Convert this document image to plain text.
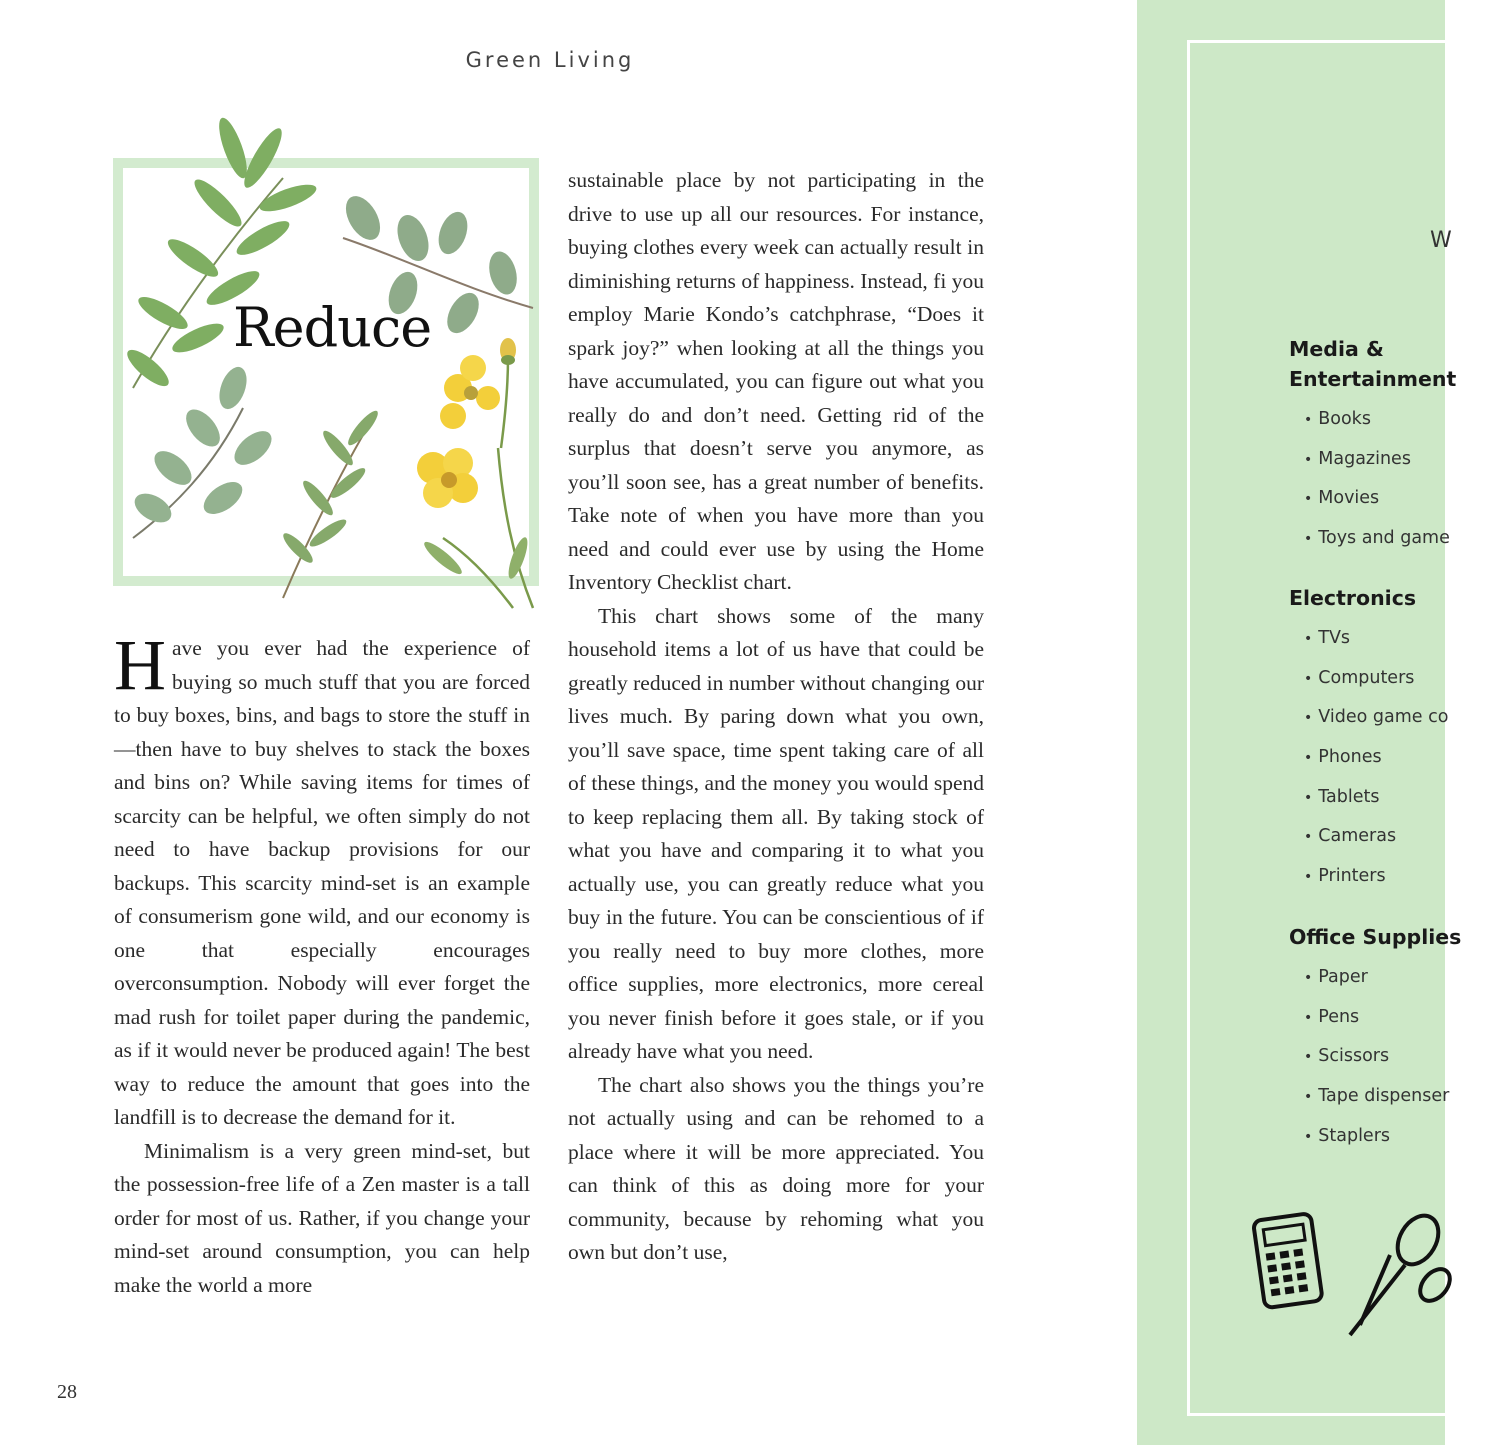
Green Living
Reduce

Have you ever had the experience of buying so much stuff that you are forced to buy boxes, bins, and bags to store the stuff in—then have to buy shelves to stack the boxes and bins on? While saving items for times of scarcity can be helpful, we often simply do not need to have backup provisions for our backups. This scarcity mind-set is an example of consumerism gone wild, and our economy is one that especially encourages overconsumption. Nobody will ever forget the mad rush for toilet paper during the pandemic, as if it would never be produced again! The best way to reduce the amount that goes into the landfill is to decrease the demand for it.

Minimalism is a very green mind-set, but the possession-free life of a Zen master is a tall order for most of us. Rather, if you change your mind-set around consumption, you can help make the world a more

sustainable place by not participating in the drive to use up all our resources. For instance, buying clothes every week can actually result in diminishing returns of happiness. Instead, fi you employ Marie Kondo’s catchphrase, “Does it spark joy?” when looking at all the things you have accumulated, you can figure out what you really do and don’t need. Getting rid of the surplus that doesn’t serve you anymore, as you’ll soon see, has a great number of benefits. Take note of when you have more than you need and could ever use by using the Home Inventory Checklist chart.

This chart shows some of the many household items a lot of us have that could be greatly reduced in number without changing our lives much. By paring down what you own, you’ll save space, time spent taking care of all of these things, and the money you would spend to keep replacing them all. By taking stock of what you have and comparing it to what you actually use, you can greatly reduce what you buy in the future. You can be conscientious of if you really need to buy more clothes, more office supplies, more electronics, more cereal you never finish before it goes stale, or if you already have what you need.

The chart also shows you the things you’re not actually using and can be rehomed to a place where it will be more appreciated. You can think of this as doing more for your community, because by rehoming what you own but don’t use,

28
W
Media &
Entertainment
• Books
• Magazines
• Movies
• Toys and game
Electronics
• TVs
• Computers
• Video game co
• Phones
• Tablets
• Cameras
• Printers
Office Supplies
• Paper
• Pens
• Scissors
• Tape dispenser
• Staplers
